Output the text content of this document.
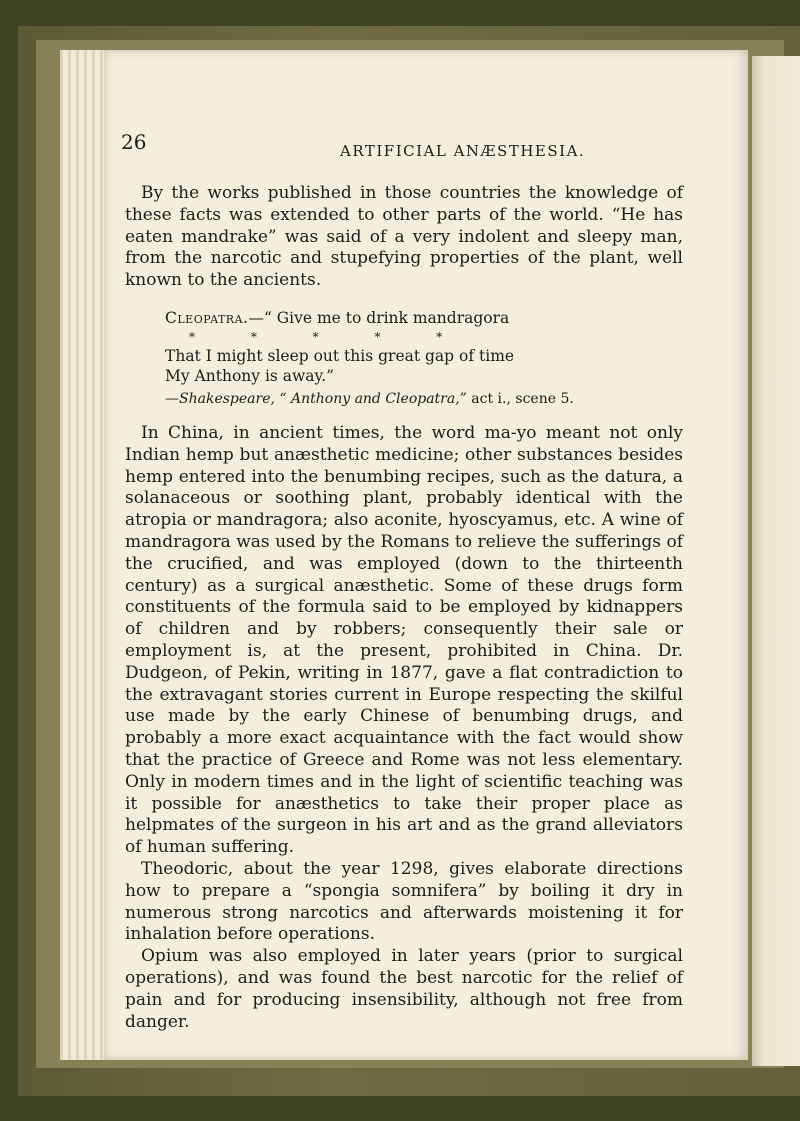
26	ARTIFICIAL ANÆSTHESIA.

By the works published in those countries the knowledge of these facts was extended to other parts of the world. “He has eaten mandrake” was said of a very indolent and sleepy man, from the narcotic and stupefying properties of the plant, well known to the ancients.

Cleopatra.—“ Give me to drink mandragora
* * * * *
That I might sleep out this great gap of time
My Anthony is away.”
—Shakespeare, “ Anthony and Cleopatra,” act i., scene 5.

In China, in ancient times, the word ma-yo meant not only Indian hemp but anæsthetic medicine; other substances besides hemp entered into the benumbing recipes, such as the datura, a solanaceous or soothing plant, probably identical with the atropia or mandragora; also aconite, hyoscyamus, etc. A wine of mandragora was used by the Romans to relieve the sufferings of the crucified, and was employed (down to the thirteenth century) as a surgical anæsthetic. Some of these drugs form constituents of the formula said to be employed by kidnappers of children and by robbers; consequently their sale or employment is, at the present, prohibited in China. Dr. Dudgeon, of Pekin, writing in 1877, gave a flat contradiction to the extravagant stories current in Europe respecting the skilful use made by the early Chinese of benumbing drugs, and probably a more exact acquaintance with the fact would show that the practice of Greece and Rome was not less elementary. Only in modern times and in the light of scientific teaching was it possible for anæsthetics to take their proper place as helpmates of the surgeon in his art and as the grand alleviators of human suffering.

Theodoric, about the year 1298, gives elaborate directions how to prepare a “spongia somnifera” by boiling it dry in numerous strong narcotics and afterwards moistening it for inhalation before operations.

Opium was also employed in later years (prior to surgical operations), and was found the best narcotic for the relief of pain and for producing insensibility, although not free from danger.
